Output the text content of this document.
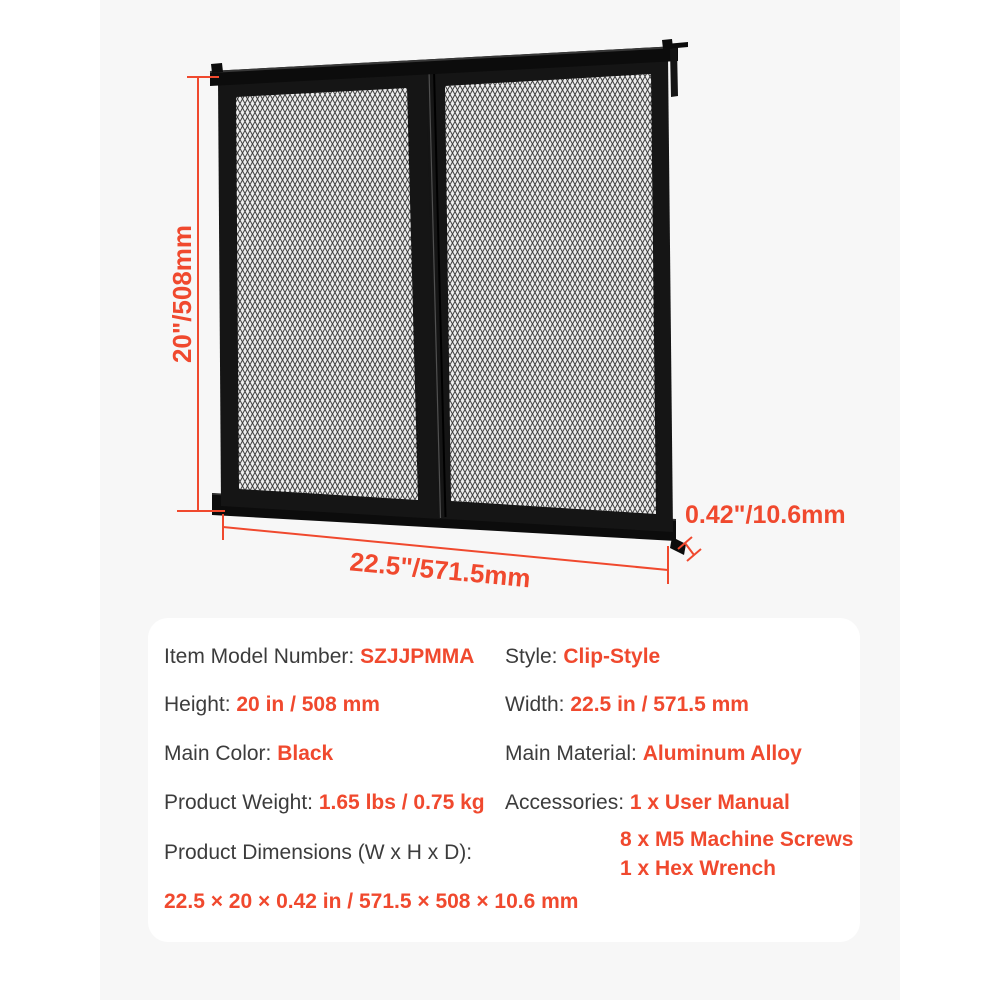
20"/508mm
22.5"/571.5mm
0.42"/10.6mm
Item Model Number: SZJJPMMA
Height: 20 in / 508 mm
Main Color: Black
Product Weight: 1.65 lbs / 0.75 kg
Style: Clip-Style
Width: 22.5 in / 571.5 mm
Main Material: Aluminum Alloy
Accessories: 1 x User Manual
8 x M5 Machine Screws
Product Dimensions (W x H x D):
1 x Hex Wrench
22.5 × 20 × 0.42 in / 571.5 × 508 × 10.6 mm
